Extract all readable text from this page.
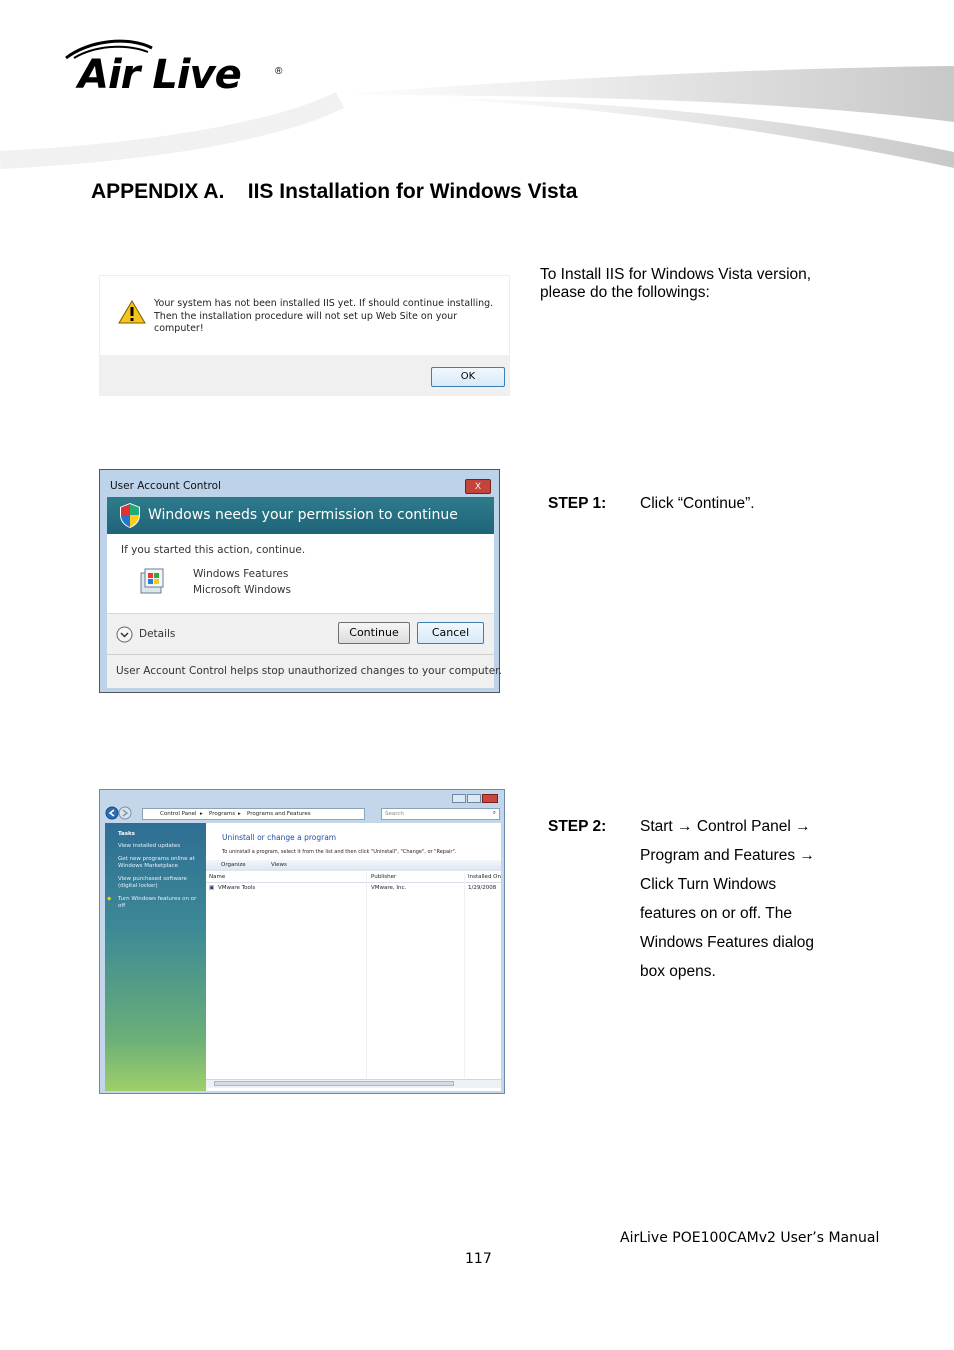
Air Live	®
APPENDIX A.    IIS Installation for Windows Vista
To Install IIS for Windows Vista version,
please do the followings:
Your system has not been installed IIS yet. If should continue installing.
Then the installation procedure will not set up Web Site on your
computer!
OK
User Account Control	X
Windows needs your permission to continue
If you started this action, continue.
Windows Features
Microsoft Windows
Details	Continue	Cancel
User Account Control helps stop unauthorized changes to your computer.
Control Panel ▸ Programs ▸ Programs and Features	Search	⌕
Tasks
View installed updates
Get new programs online at
Windows Marketplace
View purchased software
(digital locker)
◆ Turn Windows features on or
off
Uninstall or change a program
To uninstall a program, select it from the list and then click "Uninstall", "Change", or "Repair".
Organize	Views
Name	Publisher	Installed On
▣ VMware Tools	VMware, Inc.	1/29/2008
STEP 1: Click “Continue”.
STEP 2: Start → Control Panel →
Program and Features →
Click Turn Windows
features on or off. The
Windows Features dialog
box opens.
AirLive POE100CAMv2 User’s Manual
117
